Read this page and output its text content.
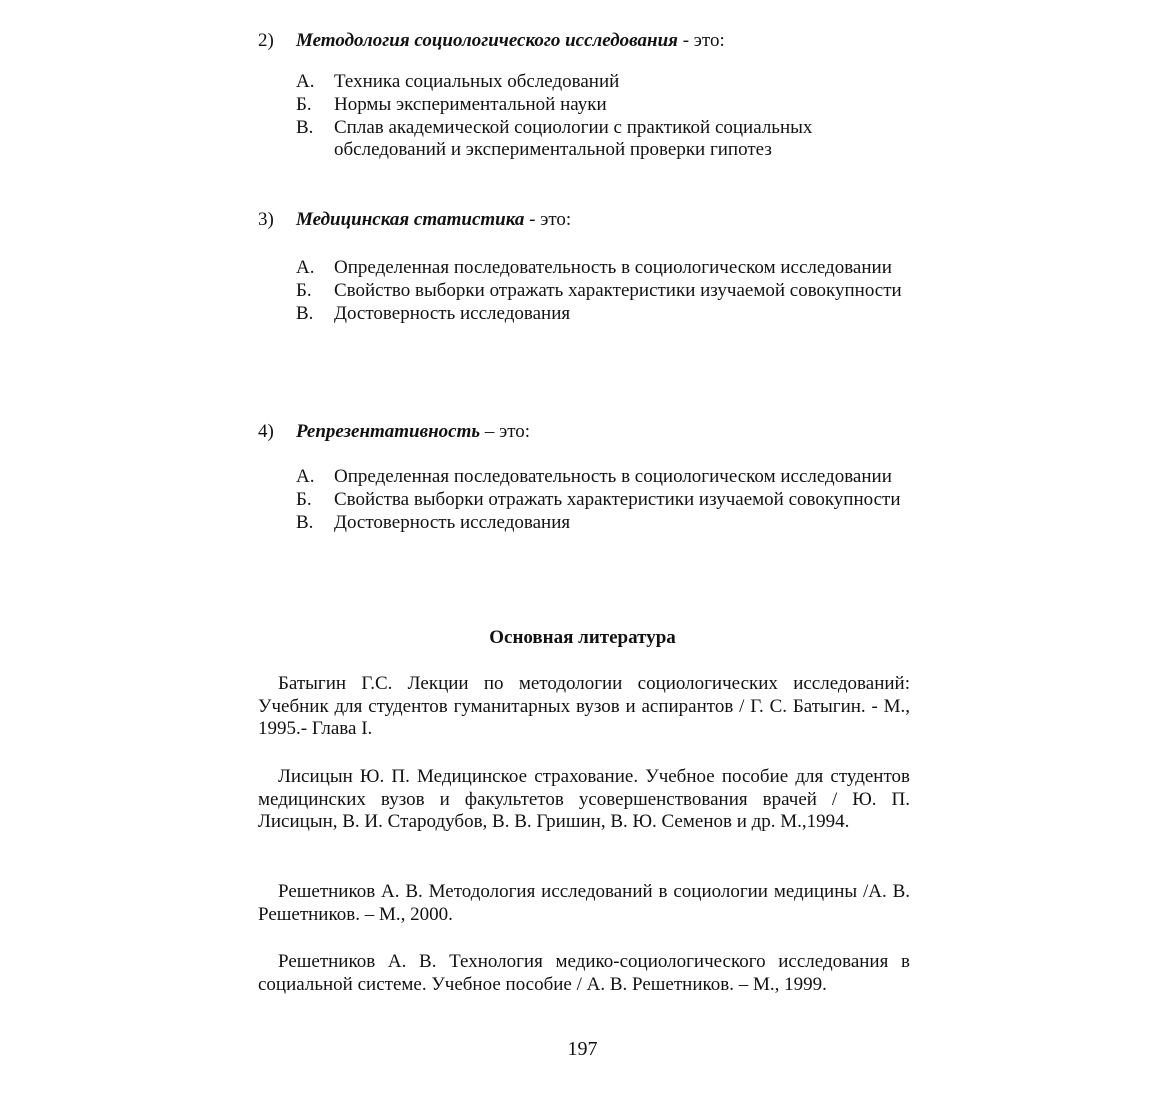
2) Методология социологического исследования - это:
А. Техника социальных обследований
Б. Нормы экспериментальной науки
В. Сплав академической социологии с практикой социальных обследований и экспериментальной проверки гипотез
3) Медицинская статистика - это:
А. Определенная последовательность в социологическом исследовании
Б. Свойство выборки отражать характеристики изучаемой совокупности
В. Достоверность исследования
4) Репрезентативность – это:
А. Определенная последовательность в социологическом исследовании
Б. Свойства выборки отражать характеристики изучаемой совокупности
В. Достоверность исследования
Основная литература
Батыгин Г.С. Лекции по методологии социологических исследований: Учебник для студентов гуманитарных вузов и аспирантов / Г. С. Батыгин. - М., 1995.- Глава I.
Лисицын Ю. П. Медицинское страхование. Учебное пособие для студентов медицинских вузов и факультетов усовершенствования врачей / Ю. П. Лисицын, В. И. Стародубов, В. В. Гришин, В. Ю. Семенов и др. М.,1994.
Решетников А. В. Методология исследований в социологии медицины /А. В. Решетников. – М., 2000.
Решетников А. В. Технология медико-социологического исследования в социальной системе. Учебное пособие / А. В. Решетников. – М., 1999.
197
